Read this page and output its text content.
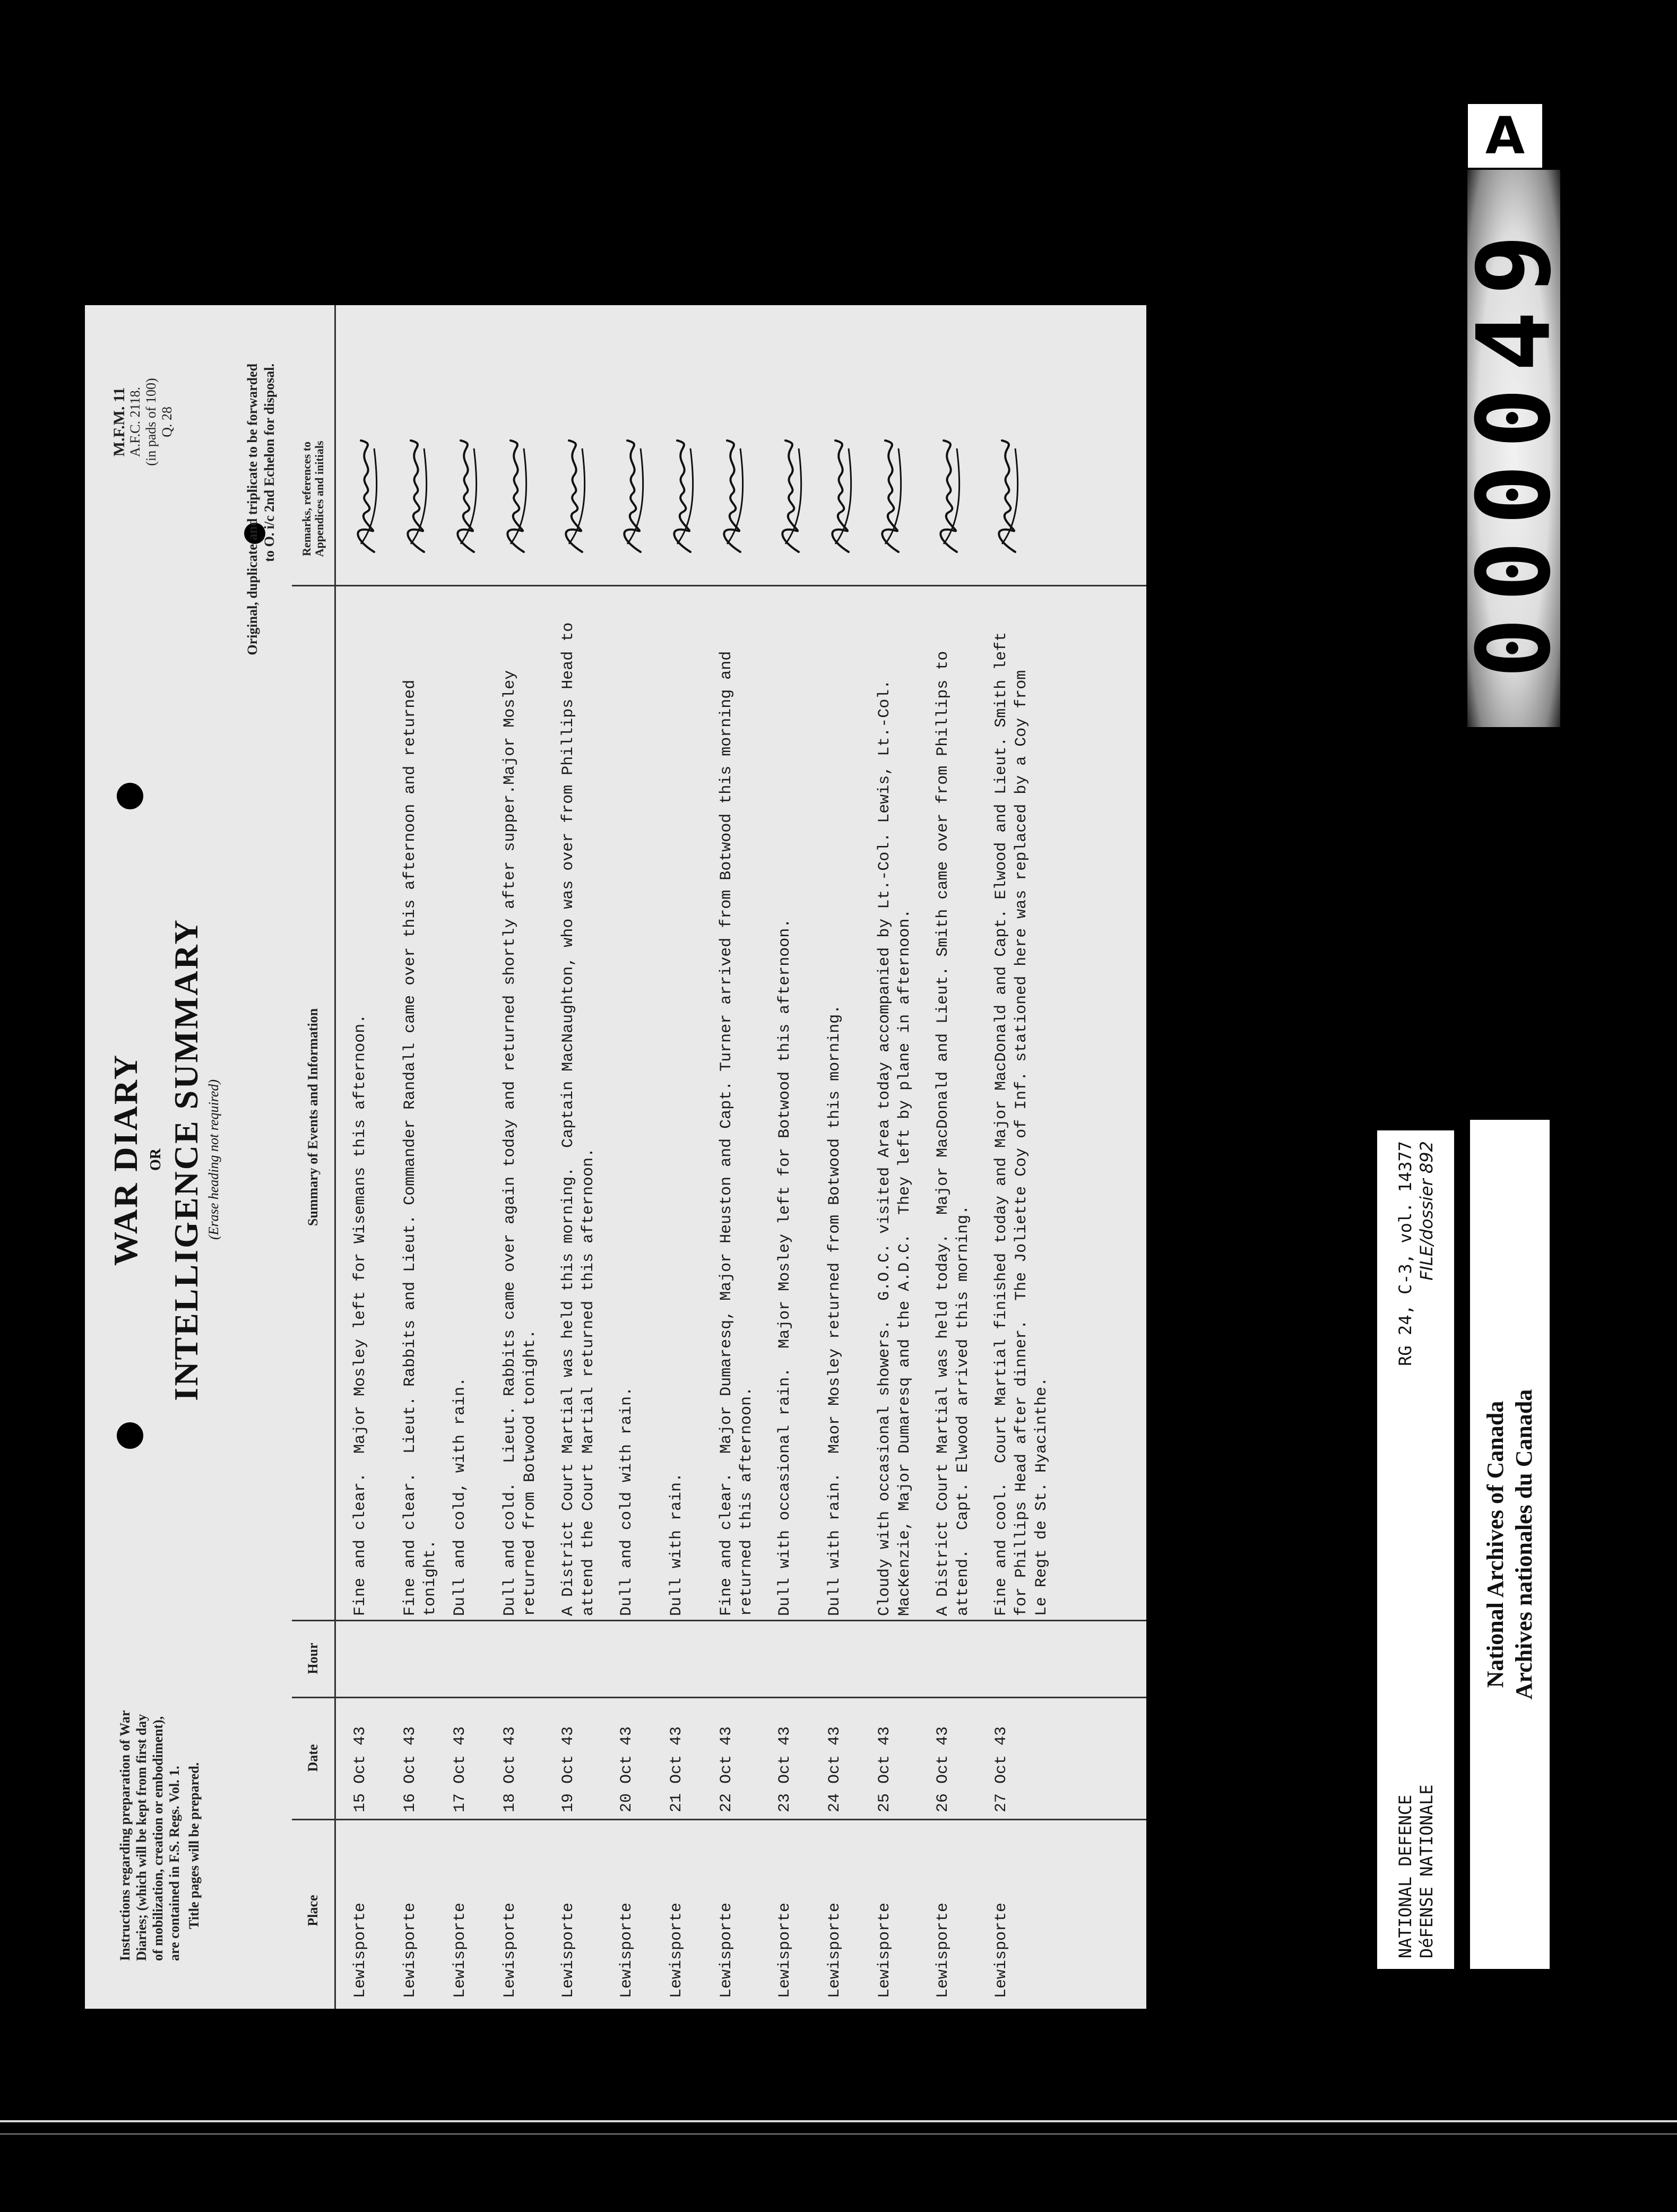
Instructions regarding preparation of War Diaries; (which will be kept from first day of mobilization, creation or embodiment), are contained in F.S. Regs. Vol. 1. Title pages will be prepared.

WAR DIARY OR INTELLIGENCE SUMMARY (Erase heading not required)
M.F.M. 11 A.F.C. 2118. (in pads of 100) Q. 28	Original, duplicate and triplicate to be forwarded to O. i/c 2nd Echelon for disposal.

Place
Date
Hour
Summary of Events and Information
Remarks, references to Appendices and initials
Lewisporte
15 Oct 43
Fine and clear.  Major Mosley left for Wisemans this afternoon.
Lewisporte
16 Oct 43
Fine and clear.  Lieut. Rabbits and Lieut. Commander Randall came over this afternoon and returned tonight.
Lewisporte
17 Oct 43
Dull and cold, with rain.
Lewisporte
18 Oct 43
Dull and cold.  Lieut. Rabbits came over again today and returned shortly after supper.Major Mosley
returned from Botwood tonight.
Lewisporte
19 Oct 43
A District Court Martial was held this morning.  Captain MacNaughton, who was over from Phillips Head to
attend the Court Martial returned this afternoon.
Lewisporte
20 Oct 43
Dull and cold with rain.
Lewisporte
21 Oct 43
Dull with rain.
Lewisporte
22 Oct 43
Fine and clear.  Major Dumaresq, Major Heuston and Capt. Turner arrived from Botwood this morning and
returned this afternoon.
Lewisporte
23 Oct 43
Dull with occasional rain.  Major Mosley left for Botwood this afternoon.
Lewisporte
24 Oct 43
Dull with rain.  Maor Mosley returned from Botwood this morning.
Lewisporte
25 Oct 43
Cloudy with occasional showers.  G.O.C. visited Area today accompanied by Lt.-Col. Lewis, Lt.-Col.
MacKenzie, Major Dumaresq and the A.D.C.  They left by plane in afternoon.
Lewisporte
26 Oct 43
A District Court Martial was held today.  Major MacDonald and Lieut. Smith came over from Phillips to
attend.  Capt. Elwood arrived this morning.
Lewisporte
27 Oct 43
Fine and cool.  Court Martial finished today and Major MacDonald and Capt. Elwood and Lieut. Smith left
for Phillips Head after dinner.  The Joliette Coy of Inf. stationed here was replaced by a Coy from
Le Regt de St. Hyacinthe.
A
000049
NATIONAL DEFENCE
RG 24, C-3, vol. 14377
DéFENSE NATIONALE
FILE/dossier 892
National Archives of Canada Archives nationales du Canada
